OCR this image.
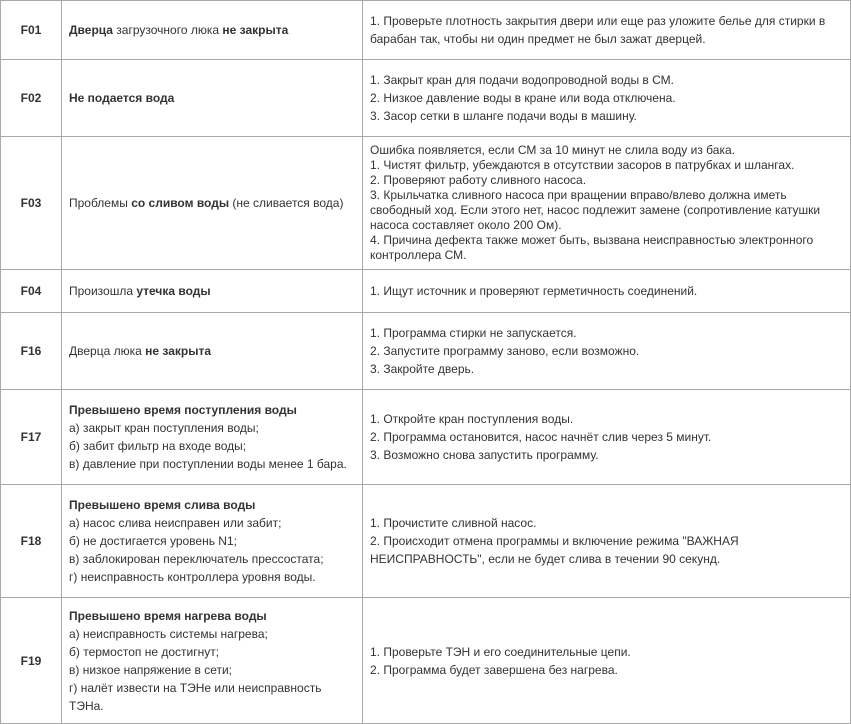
F01	Дверца загрузочного люка не закрыта	1. Проверьте плотность закрытия двери или еще раз уложите белье для стирки в барабан так, чтобы ни один предмет не был зажат дверцей.

F02	Не подается вода	1. Закрыт кран для подачи водопроводной воды в СМ.
2. Низкое давление воды в кране или вода отключена.
3. Засор сетки в шланге подачи воды в машину.

F03	Проблемы со сливом воды (не сливается вода)	Ошибка появляется, если СМ за 10 минут не слила воду из бака.
1. Чистят фильтр, убеждаются в отсутствии засоров в патрубках и шлангах.
2. Проверяют работу сливного насоса.
3. Крыльчатка сливного насоса при вращении вправо/влево должна иметь свободный ход. Если этого нет, насос подлежит замене (сопротивление катушки насоса составляет около 200 Ом).
4. Причина дефекта также может быть, вызвана неисправностью электронного контроллера СМ.

F04	Произошла утечка воды	1. Ищут источник и проверяют герметичность соединений.

F16	Дверца люка не закрыта	1. Программа стирки не запускается.
2. Запустите программу заново, если возможно.
3. Закройте дверь.

F17	Превышено время поступления воды
а) закрыт кран поступления воды;
б) забит фильтр на входе воды;
в) давление при поступлении воды менее 1 бара.	1. Откройте кран поступления воды.
2. Программа остановится, насос начнёт слив через 5 минут.
3. Возможно снова запустить программу.

F18	Превышено время слива воды
а) насос слива неисправен или забит;
б) не достигается уровень N1;
в) заблокирован переключатель прессостата;
г) неисправность контроллера уровня воды.	1. Прочистите сливной насос.
2. Происходит отмена программы и включение режима "ВАЖНАЯ НЕИСПРАВНОСТЬ", если не будет слива в течении 90 секунд.

F19	Превышено время нагрева воды
а) неисправность системы нагрева;
б) термостоп не достигнут;
в) низкое напряжение в сети;
г) налёт извести на ТЭНе или неисправность ТЭНа.	1. Проверьте ТЭН и его соединительные цепи.
2. Программа будет завершена без нагрева.
